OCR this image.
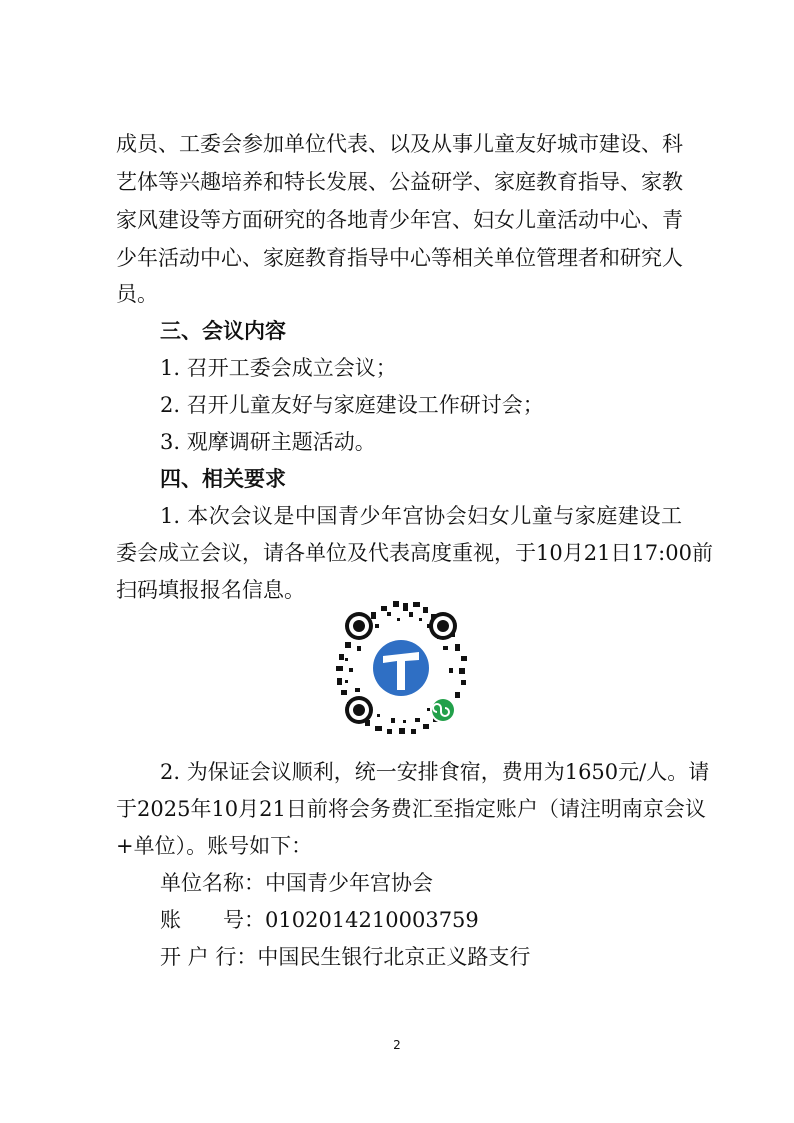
成员、工委会参加单位代表、以及从事儿童友好城市建设、科
艺体等兴趣培养和特长发展、公益研学、家庭教育指导、家教
家风建设等方面研究的各地青少年宫、妇女儿童活动中心、青
少年活动中心、家庭教育指导中心等相关单位管理者和研究人
员。
三、会议内容
1. 召开工委会成立会议；
2. 召开儿童友好与家庭建设工作研讨会；
3. 观摩调研主题活动。
四、相关要求
1. 本次会议是中国青少年宫协会妇女儿童与家庭建设工
委会成立会议，请各单位及代表高度重视，于10月21日17:00前
扫码填报报名信息。
2. 为保证会议顺利，统一安排食宿，费用为1650元/人。请
于2025年10月21日前将会务费汇至指定账户（请注明南京会议
+单位）。账号如下：
单位名称：中国青少年宫协会
账　　号：0102014210003759
开 户 行：中国民生银行北京正义路支行
2
